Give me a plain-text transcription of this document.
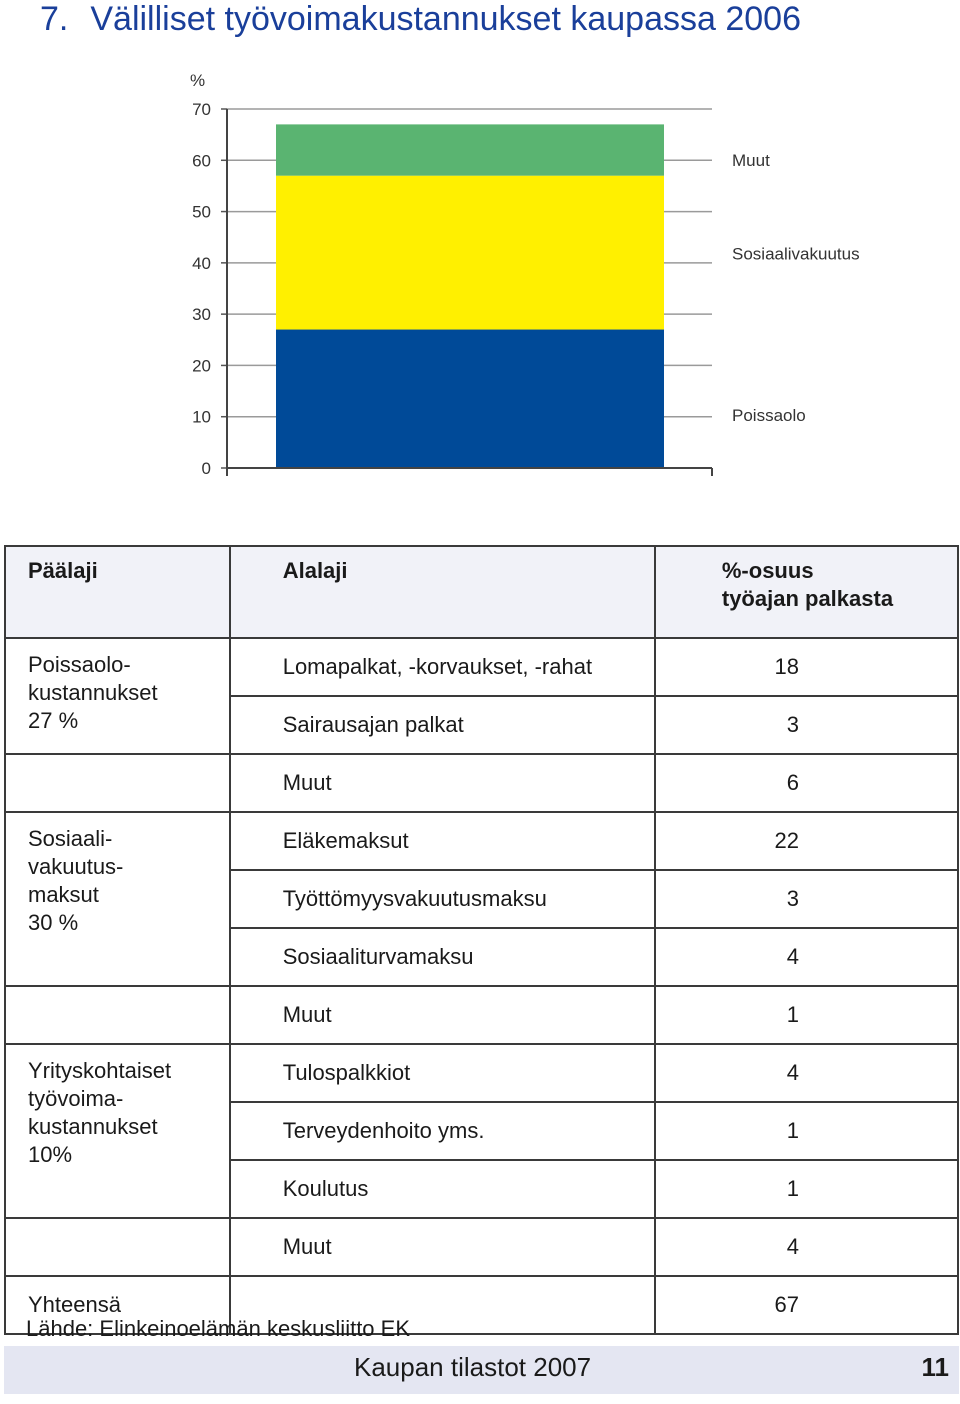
7. Välilliset työvoimakustannukset kaupassa 2006
%
0
10
20
30
40
50
60
70
Poissaolo
Sosiaalivakuutus
Muut
Päälaji	Alalaji	%-osuus
työajan palkasta

Poissaolo-
kustannukset
27 %	Lomapalkat, -korvaukset, -rahat	18

	Sairausajan palkat	3

	Muut	6

Sosiaali-
vakuutus-
maksut
30 %	Eläkemaksut	22

	Työttömyysvakuutusmaksu	3

	Sosiaaliturvamaksu	4

	Muut	1

Yrityskohtaiset
työvoima-
kustannukset
10%	Tulospalkkiot	4

	Terveydenhoito yms.	1

	Koulutus	1

	Muut	4

Yhteensä		67
Lähde: Elinkeinoelämän keskusliitto EK
Kaupan tilastot 2007	11
